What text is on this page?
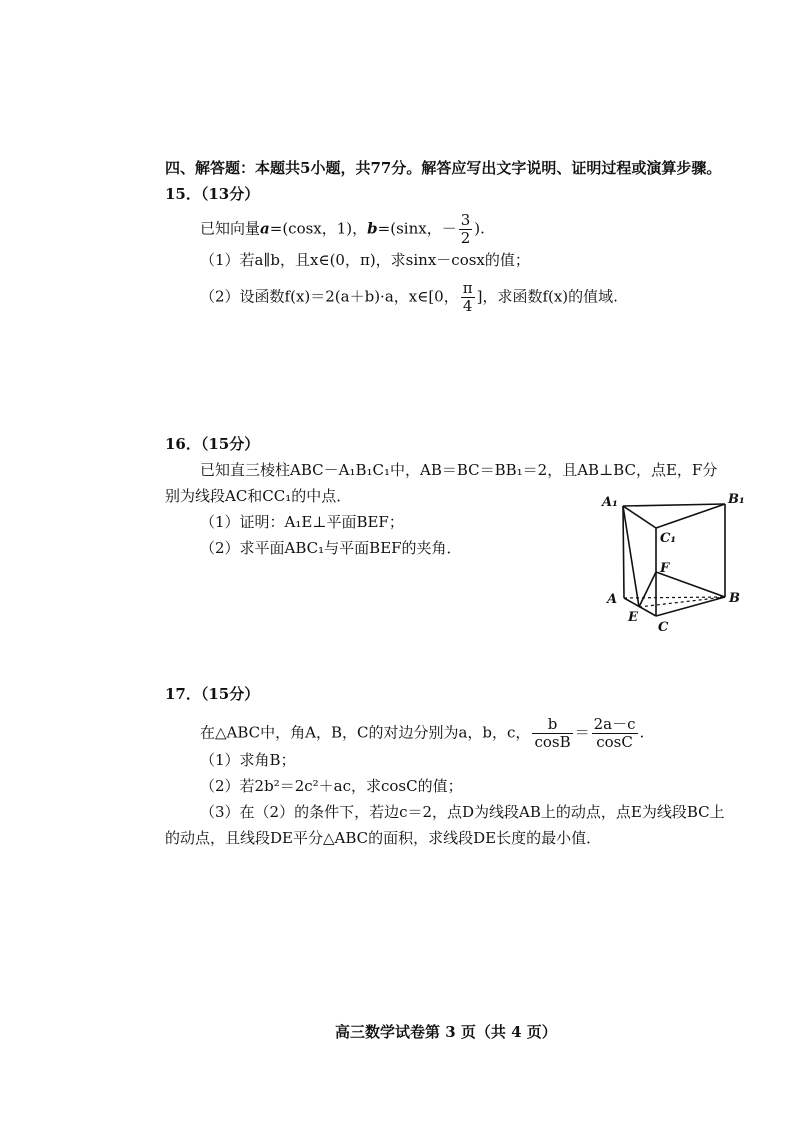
四、解答题：本题共5小题，共77分。解答应写出文字说明、证明过程或演算步骤。
15．（13分）
已知向量a=(cosx，1)，b=(sinx，－ $\frac{3}{2}$ ).
（1）若a∥b，且x∈(0，π)，求sinx－cosx的值；
（2）设函数f(x)＝2(a＋b)·a，x∈[0， $\frac{\pi}{4}$ ]，求函数f(x)的值域.
16．（15分）
已知直三棱柱ABC－A₁B₁C₁中，AB＝BC＝BB₁＝2，且AB⊥BC，点E，F分
别为线段AC和CC₁的中点．
（1）证明：A₁E⊥平面BEF；
（2）求平面ABC₁与平面BEF的夹角．
A₁	B₁
C₁
F
A	B
E
C
17．（15分）
在△ABC中，角A，B，C的对边分别为a，b，c， $\frac{b}{\cos B} = \frac{2a-c}{\cos C}$ .
（1）求角B；
（2）若2b²＝2c²＋ac，求cosC的值；
（3）在（2）的条件下，若边c＝2，点D为线段AB上的动点，点E为线段BC上
的动点，且线段DE平分△ABC的面积，求线段DE长度的最小值．
高三数学试卷第 3 页（共 4 页）
